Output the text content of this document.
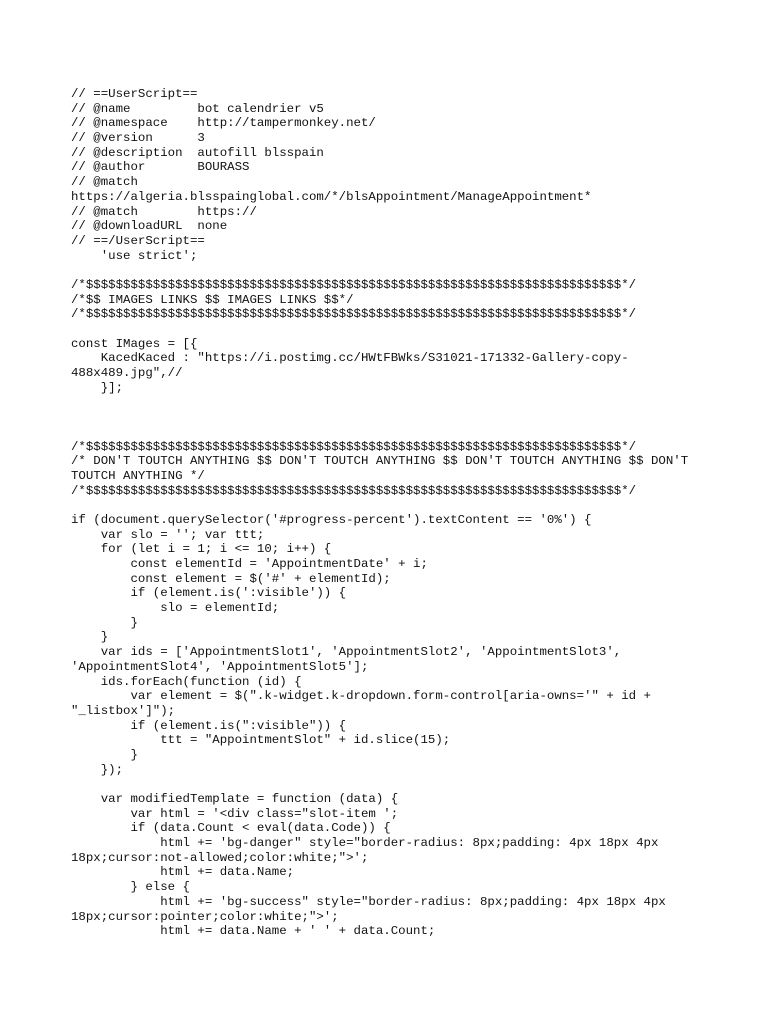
// ==UserScript==
// @name         bot calendrier v5
// @namespace    http://tampermonkey.net/
// @version      3
// @description  autofill blsspain
// @author       BOURASS
// @match
https://algeria.blsspainglobal.com/*/blsAppointment/ManageAppointment*
// @match        https://
// @downloadURL  none
// ==/UserScript==
'use strict';

/*$$$$$$$$$$$$$$$$$$$$$$$$$$$$$$$$$$$$$$$$$$$$$$$$$$$$$$$$$$$$$$$$$$$$$$$$*/
/*$$ IMAGES LINKS $$ IMAGES LINKS $$*/
/*$$$$$$$$$$$$$$$$$$$$$$$$$$$$$$$$$$$$$$$$$$$$$$$$$$$$$$$$$$$$$$$$$$$$$$$$*/

const IMages = [{
KacedKaced : "https://i.postimg.cc/HWtFBWks/S31021-171332-Gallery-copy-
488x489.jpg",//
}];

/*$$$$$$$$$$$$$$$$$$$$$$$$$$$$$$$$$$$$$$$$$$$$$$$$$$$$$$$$$$$$$$$$$$$$$$$$*/
/* DON'T TOUTCH ANYTHING $$ DON'T TOUTCH ANYTHING $$ DON'T TOUTCH ANYTHING $$ DON'T
TOUTCH ANYTHING */
/*$$$$$$$$$$$$$$$$$$$$$$$$$$$$$$$$$$$$$$$$$$$$$$$$$$$$$$$$$$$$$$$$$$$$$$$$*/

if (document.querySelector('#progress-percent').textContent == '0%') {
var slo = ''; var ttt;
for (let i = 1; i <= 10; i++) {
const elementId = 'AppointmentDate' + i;
const element = $('#' + elementId);
if (element.is(':visible')) {
slo = elementId;
}
}
var ids = ['AppointmentSlot1', 'AppointmentSlot2', 'AppointmentSlot3',
'AppointmentSlot4', 'AppointmentSlot5'];
ids.forEach(function (id) {
var element = $(".k-widget.k-dropdown.form-control[aria-owns='" + id +
"_listbox']");
if (element.is(":visible")) {
ttt = "AppointmentSlot" + id.slice(15);
}
});

var modifiedTemplate = function (data) {
var html = '<div class="slot-item ';
if (data.Count < eval(data.Code)) {
html += 'bg-danger" style="border-radius: 8px;padding: 4px 18px 4px
18px;cursor:not-allowed;color:white;">';
html += data.Name;
} else {
html += 'bg-success" style="border-radius: 8px;padding: 4px 18px 4px
18px;cursor:pointer;color:white;">';
html += data.Name + ' ' + data.Count;
